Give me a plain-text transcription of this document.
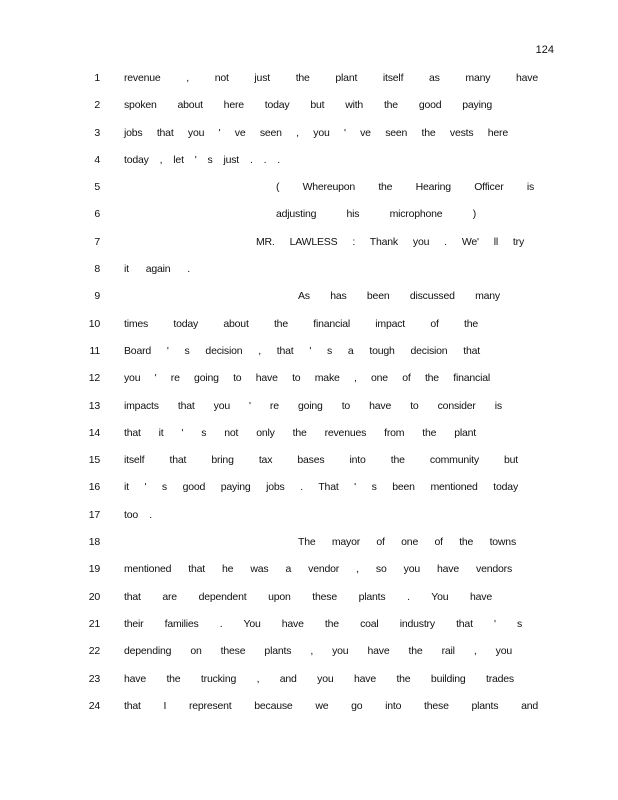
124
1 revenue , not just the plant itself as many have
2 spoken about here today but with the good paying
3 jobs that you ' ve seen , you ' ve seen the vests here
4 today , let ' s just . . .
5	( Whereupon the Hearing Officer is
6	adjusting his microphone )
7	MR. LAWLESS : Thank you . We' ll try
8 it again .
9	As has been discussed many
10 times today about the financial impact of the
11 Board ' s decision , that ' s a tough decision that
12 you ' re going to have to make , one of the financial
13 impacts that you ' re going to have to consider is
14 that it ' s not only the revenues from the plant
15 itself that bring tax bases into the community but
16 it ' s good paying jobs . That ' s been mentioned today
17 too .
18	The mayor of one of the towns
19 mentioned that he was a vendor , so you have vendors
20 that are dependent upon these plants . You have
21 their families . You have the coal industry that ' s
22 depending on these plants , you have the rail , you
23 have the trucking , and you have the building trades
24 that I represent because we go into these plants and
